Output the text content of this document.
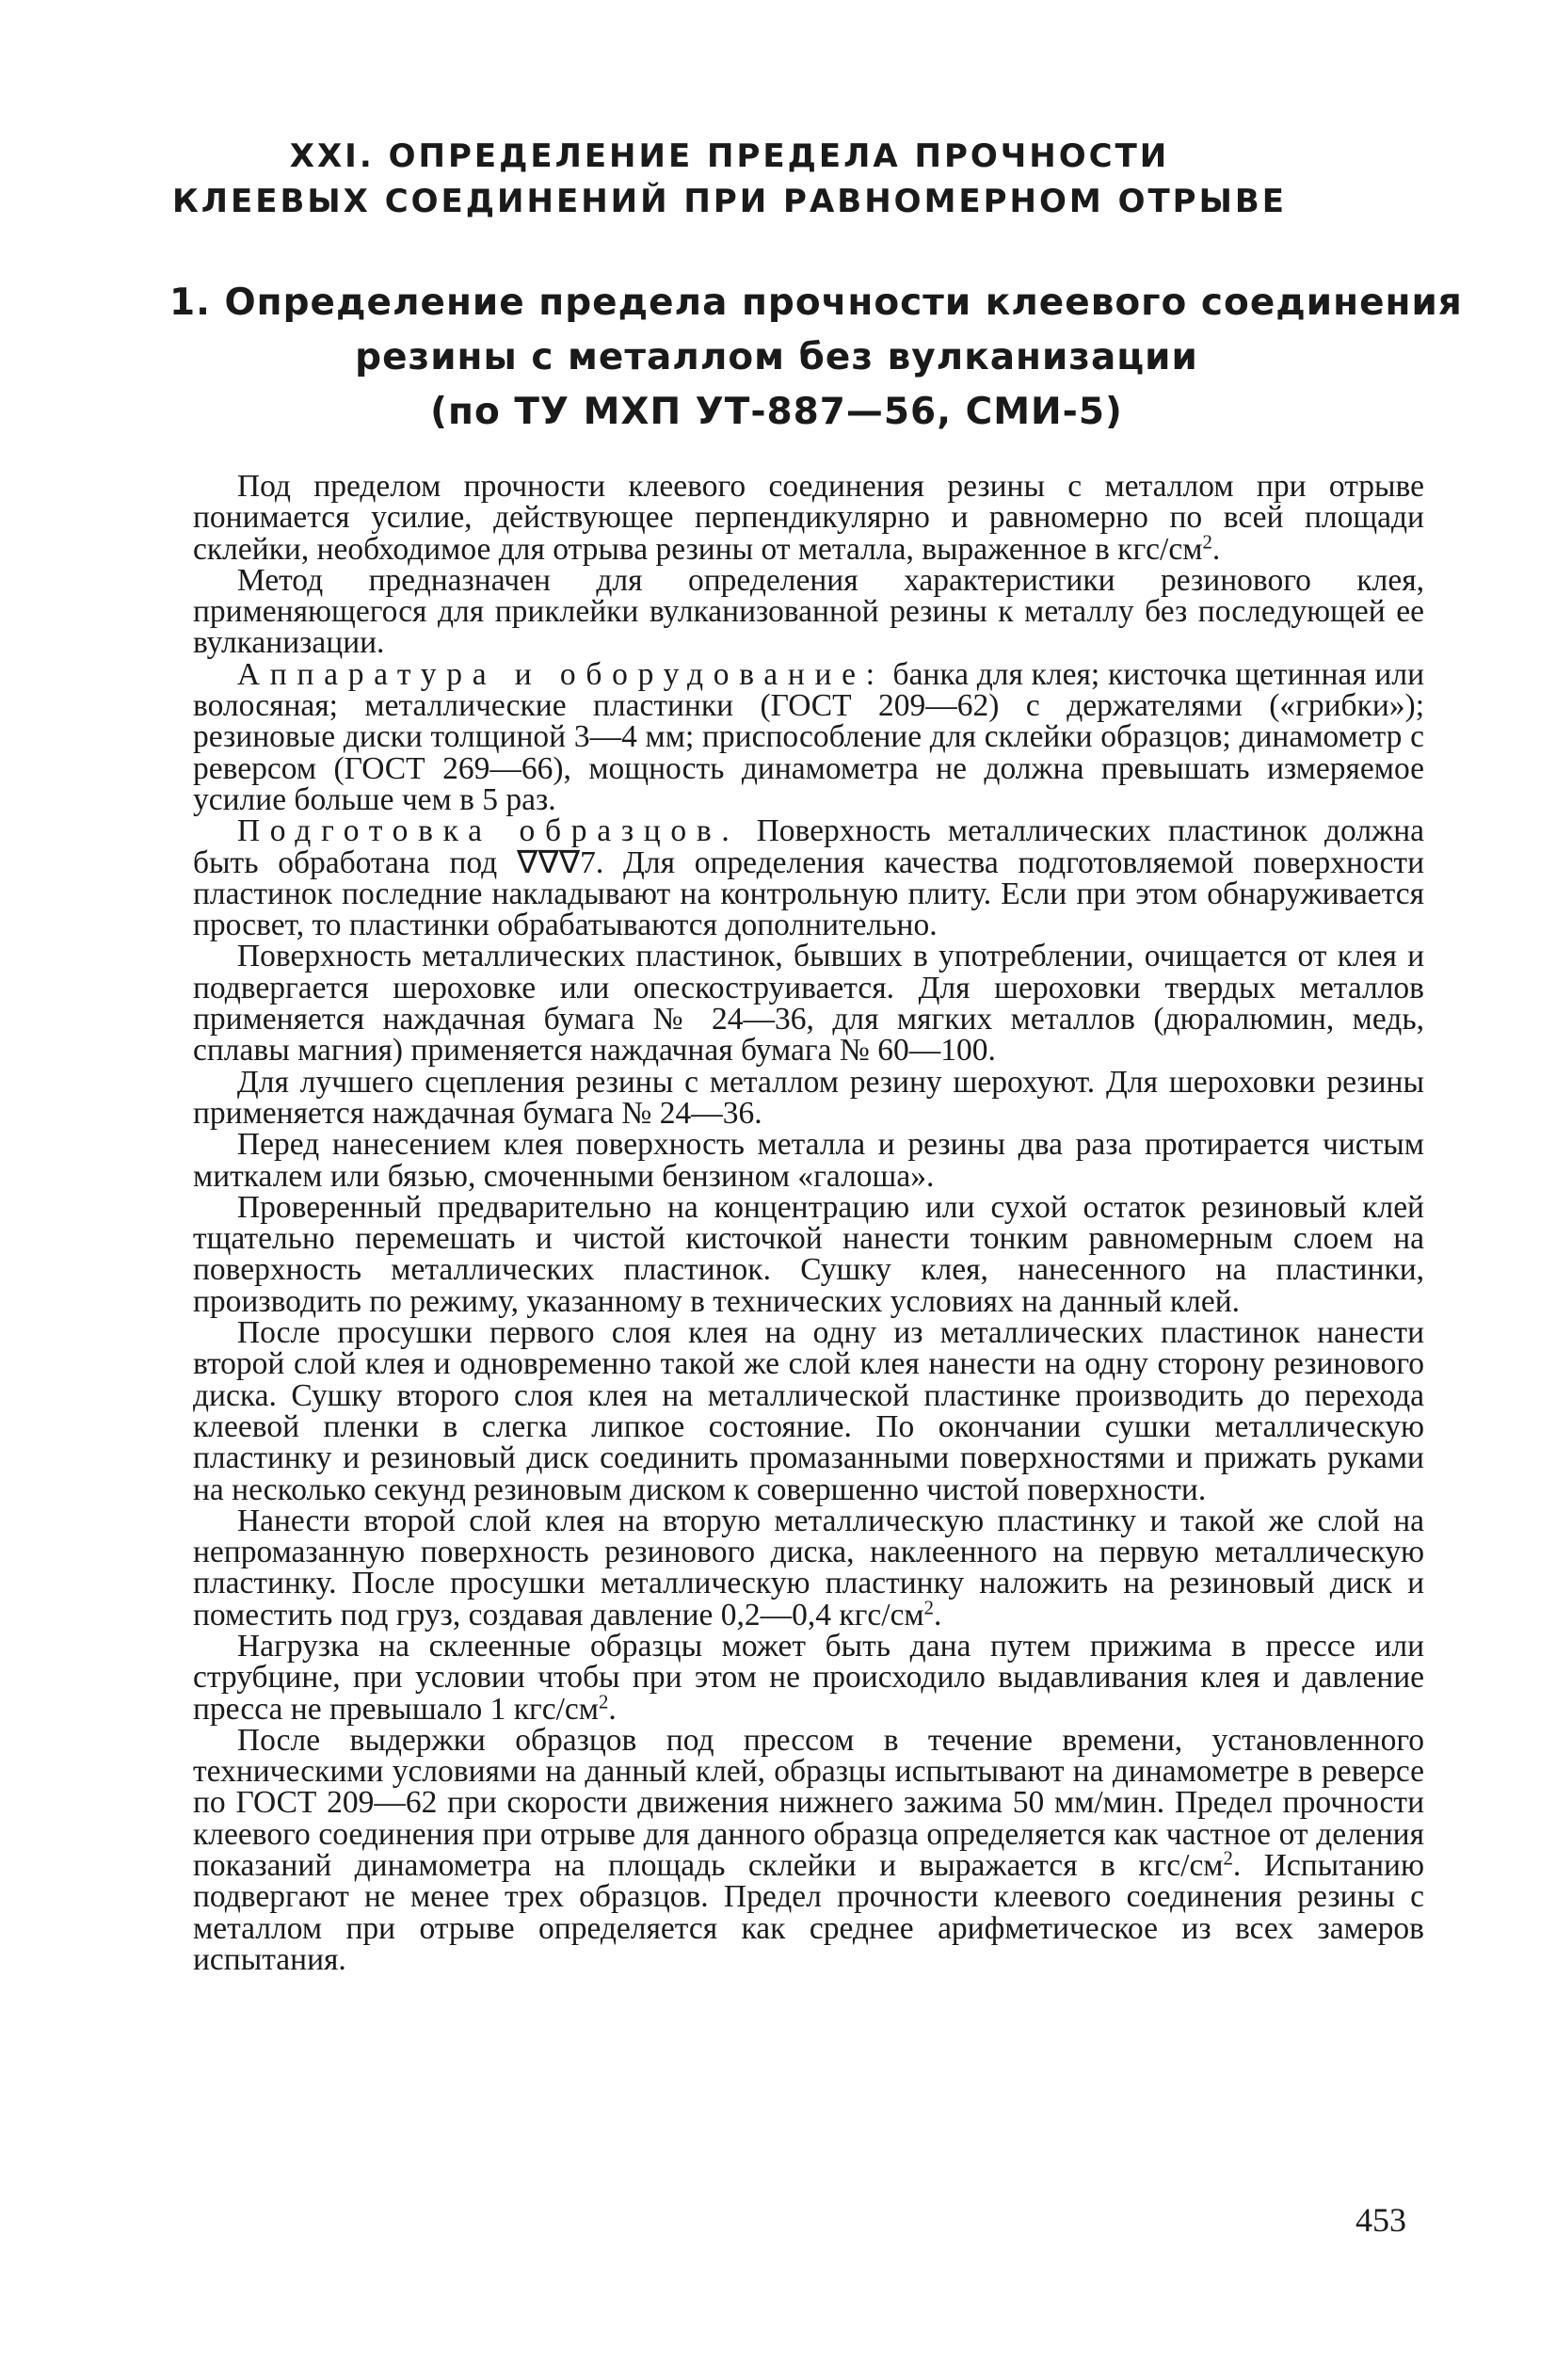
XXI. ОПРЕДЕЛЕНИЕ ПРЕДЕЛА ПРОЧНОСТИ
КЛЕЕВЫХ СОЕДИНЕНИЙ ПРИ РАВНОМЕРНОМ ОТРЫВЕ
1. Определение предела прочности клеевого соединения
резины с металлом без вулканизации
(по ТУ МХП УТ-887—56, СМИ-5)

Под пределом прочности клеевого соединения резины с металлом при отрыве понимается усилие, действующее перпендикулярно и равномерно по всей площади склейки, необходимое для отрыва резины от металла, выраженное в кгс/$см^2$.

Метод предназначен для определения характеристики резинового клея, применяющегося для приклейки вулканизованной резины к металлу без последующей ее вулканизации.

Аппаратура и оборудование: банка для клея; кисточка щетинная или волосяная; металлические пластинки (ГОСТ 209—62) с держателями («грибки»); резиновые диски толщиной 3—4 мм; приспособление для склейки образцов; динамометр с реверсом (ГОСТ 269—66), мощность динамометра не должна превышать измеряемое усилие больше чем в 5 раз.

Подготовка образцов. Поверхность металлических пластинок должна быть обработана под ∇∇∇7. Для определения качества подготовляемой поверхности пластинок последние накладывают на контрольную плиту. Если при этом обнаруживается просвет, то пластинки обрабатываются дополнительно.

Поверхность металлических пластинок, бывших в употреблении, очищается от клея и подвергается шероховке или опескоструивается. Для шероховки твердых металлов применяется наждачная бумага № 24—36, для мягких металлов (дюралюмин, медь, сплавы магния) применяется наждачная бумага № 60—100.

Для лучшего сцепления резины с металлом резину шерохуют. Для шероховки резины применяется наждачная бумага № 24—36.

Перед нанесением клея поверхность металла и резины два раза протирается чистым миткалем или бязью, смоченными бензином «галоша».

Проверенный предварительно на концентрацию или сухой остаток резиновый клей тщательно перемешать и чистой кисточкой нанести тонким равномерным слоем на поверхность металлических пластинок. Сушку клея, нанесенного на пластинки, производить по режиму, указанному в технических условиях на данный клей.

После просушки первого слоя клея на одну из металлических пластинок нанести второй слой клея и одновременно такой же слой клея нанести на одну сторону резинового диска. Сушку второго слоя клея на металлической пластинке производить до перехода клеевой пленки в слегка липкое состояние. По окончании сушки металлическую пластинку и резиновый диск соединить промазанными поверхностями и прижать руками на несколько секунд резиновым диском к совершенно чистой поверхности.

Нанести второй слой клея на вторую металлическую пластинку и такой же слой на непромазанную поверхность резинового диска, наклеенного на первую металлическую пластинку. После просушки металлическую пластинку наложить на резиновый диск и поместить под груз, создавая давление 0,2—0,4 кгс/$см^2$.

Нагрузка на склеенные образцы может быть дана путем прижима в прессе или струбцине, при условии чтобы при этом не происходило выдавливания клея и давление пресса не превышало 1 кгс/$см^2$.

После выдержки образцов под прессом в течение времени, установленного техническими условиями на данный клей, образцы испытывают на динамометре в реверсе по ГОСТ 209—62 при скорости движения нижнего зажима 50 мм/мин. Предел прочности клеевого соединения при отрыве для данного образца определяется как частное от деления показаний динамометра на площадь склейки и выражается в кгс/$см^2$. Испытанию подвергают не менее трех образцов. Предел прочности клеевого соединения резины с металлом при отрыве определяется как среднее арифметическое из всех замеров испытания.

453
